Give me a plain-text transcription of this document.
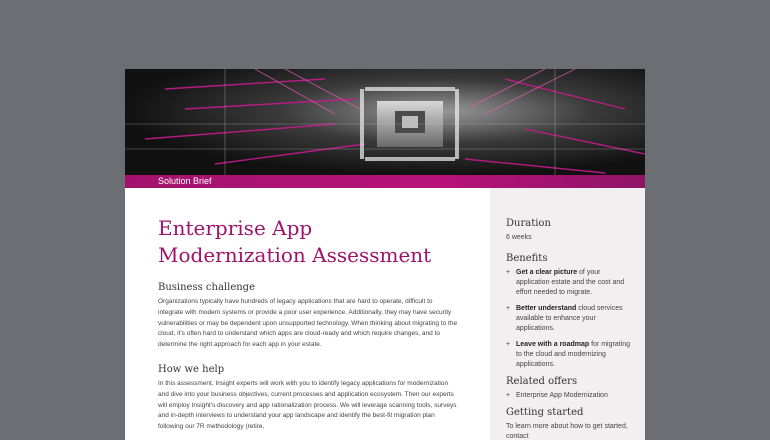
Solution Brief
Enterprise App Modernization Assessment
Business challenge

Organizations typically have hundreds of legacy applications that are hard to operate, difficult to integrate with modern systems or provide a poor user experience. Additionally, they may have security vulnerabilities or may be dependent upon unsupported technology. When thinking about migrating to the cloud, it's often hard to understand which apps are cloud-ready and which require changes, and to determine the right approach for each app in your estate.

How we help

In this assessment, Insight experts will work with you to identify legacy applications for modernization and dive into your business objectives, current processes and application ecosystem. Then our experts will employ Insight's discovery and app rationalization process. We will leverage scanning tools, surveys and in-depth interviews to understand your app landscape and identify the best-fit migration plan following our 7R methodology (retire,

Duration

6 weeks

Benefits
+ Get a clear picture of your application estate and the cost and effort needed to migrate.
+ Better understand cloud services available to enhance your applications.
+ Leave with a roadmap for migrating to the cloud and modernizing applications.
Related offers
+ Enterprise App Modernization
Getting started

To learn more about how to get started, contact
